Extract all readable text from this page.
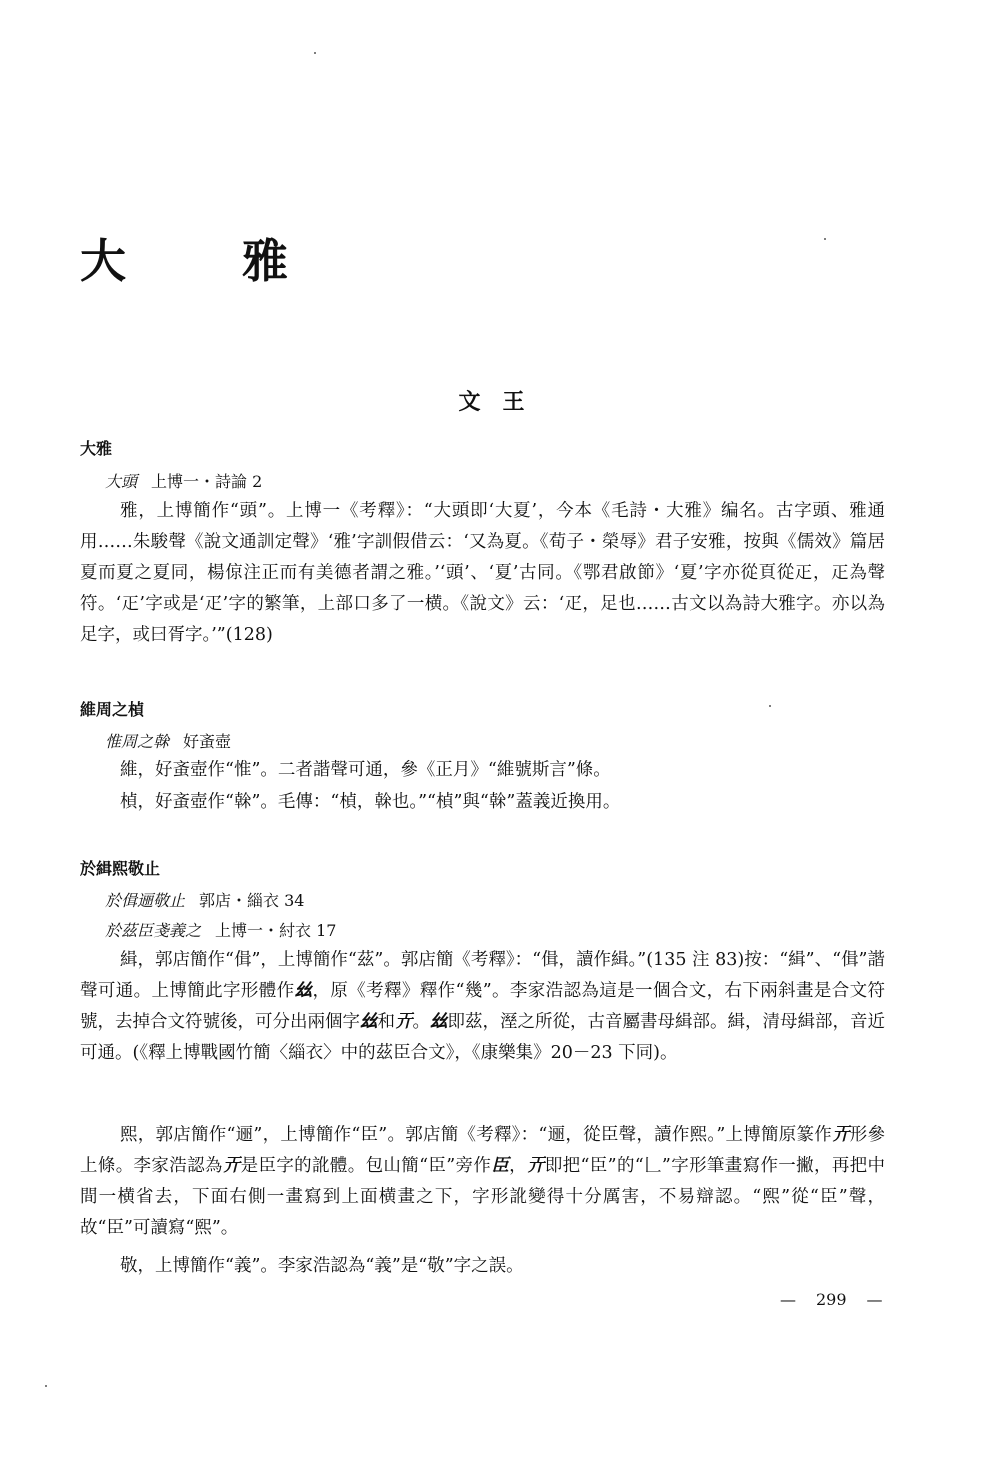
大 雅
文王
大雅
大頭 上博一・詩論 2

雅，上博簡作“頭”。上博一《考釋》：“大頭即‘大夏’，今本《毛詩・大雅》编名。古字頭、雅通用……朱駿聲《說文通訓定聲》‘雅’字訓假借云：‘又為夏。《荀子・榮辱》君子安雅，按與《儒效》篇居夏而夏之夏同，楊倞注正而有美德者謂之雅。’‘頭’、‘夏’古同。《鄂君啟節》‘夏’字亦從頁從𤴓，𤴓為聲符。‘𤴓’字或是‘疋’字的繁筆，上部口多了一横。《說文》云：‘疋，足也……古文以為詩大雅字。亦以為足字，或曰胥字。’”(128)

維周之楨
惟周之榦 好蚉壺

維，好蚉壺作“惟”。二者諧聲可通，參《正月》“維號斯言”條。

楨，好蚉壺作“榦”。毛傳：“楨，榦也。”“楨”與“榦”蓋義近換用。

於緝熙敬止
於偮逦敬止 郭店・緇衣 34
於茲臣戔義之 上博一・紂衣 17

緝，郭店簡作“偮”，上博簡作“茲”。郭店簡《考釋》：“偮，讀作緝。”(135 注 83)按：“緝”、“偮”諧聲可通。上博簡此字形體作𢆶，原《考釋》釋作“幾”。李家浩認為這是一個合文，右下兩斜畫是合文符號，去掉合文符號後，可分出兩個字𢆶和𢀘。𢆶即茲，溼之所從，古音屬書母緝部。緝，清母緝部，音近可通。(《釋上博戰國竹簡〈緇衣〉中的茲臣合文》，《康樂集》20－23 下同)。

熙，郭店簡作“逦”，上博簡作“臣”。郭店簡《考釋》：“逦，從臣聲，讀作熙。”上博簡原篆作𢀘形參上條。李家浩認為𢀘是臣字的訛體。包山簡“臣”旁作臣，𢀘即把“臣”的“𠃊”字形筆畫寫作一撇，再把中間一横省去，下面右側一畫寫到上面横畫之下，字形訛變得十分厲害，不易辯認。“熙”從“臣”聲，故“臣”可讀寫“熙”。

敬，上博簡作“義”。李家浩認為“義”是“敬”字之誤。

— 299 —
